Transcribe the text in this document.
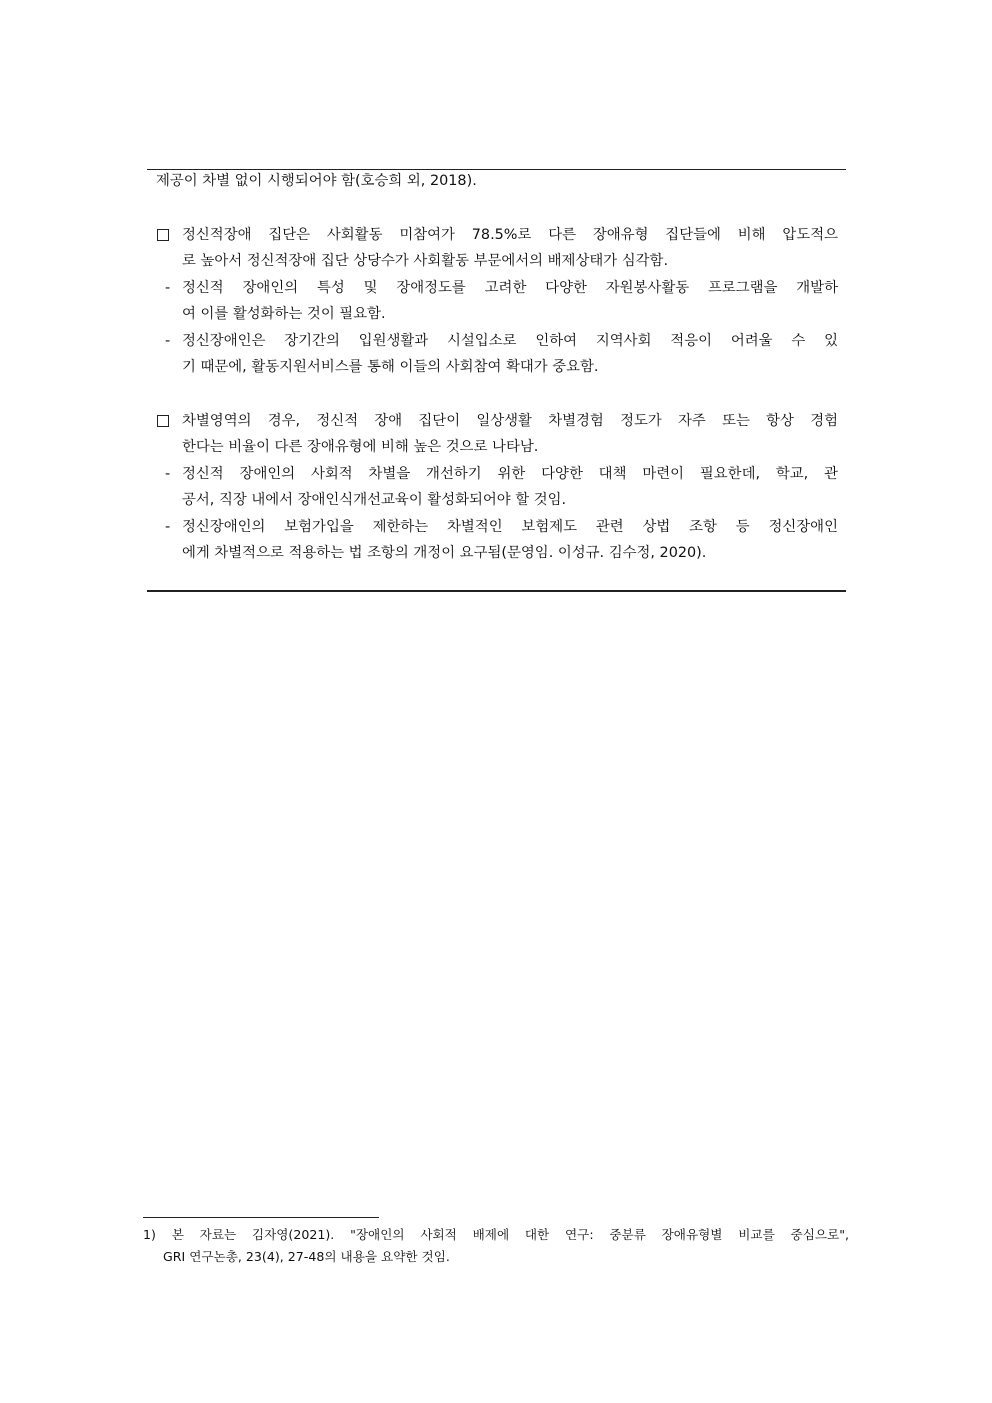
제공이 차별 없이 시행되어야 함(호승희 외, 2018).
정신적장애 집단은 사회활동 미참여가 78.5%로 다른 장애유형 집단들에 비해 압도적으
로 높아서 정신적장애 집단 상당수가 사회활동 부문에서의 배제상태가 심각함.
- 정신적 장애인의 특성 및 장애정도를 고려한 다양한 자원봉사활동 프로그램을 개발하
여 이를 활성화하는 것이 필요함.
- 정신장애인은 장기간의 입원생활과 시설입소로 인하여 지역사회 적응이 어려울 수 있
기 때문에, 활동지원서비스를 통해 이들의 사회참여 확대가 중요함.
차별영역의 경우, 정신적 장애 집단이 일상생활 차별경험 정도가 자주 또는 항상 경험
한다는 비율이 다른 장애유형에 비해 높은 것으로 나타남.
- 정신적 장애인의 사회적 차별을 개선하기 위한 다양한 대책 마련이 필요한데, 학교, 관
공서, 직장 내에서 장애인식개선교육이 활성화되어야 할 것임.
- 정신장애인의 보험가입을 제한하는 차별적인 보험제도 관련 상법 조항 등 정신장애인
에게 차별적으로 적용하는 법 조항의 개정이 요구됨(문영임. 이성규. 김수정, 2020).
1) 본 자료는 김자영(2021). "장애인의 사회적 배제에 대한 연구: 중분류 장애유형별 비교를 중심으로",
GRI 연구논총, 23(4), 27-48의 내용을 요약한 것임.
